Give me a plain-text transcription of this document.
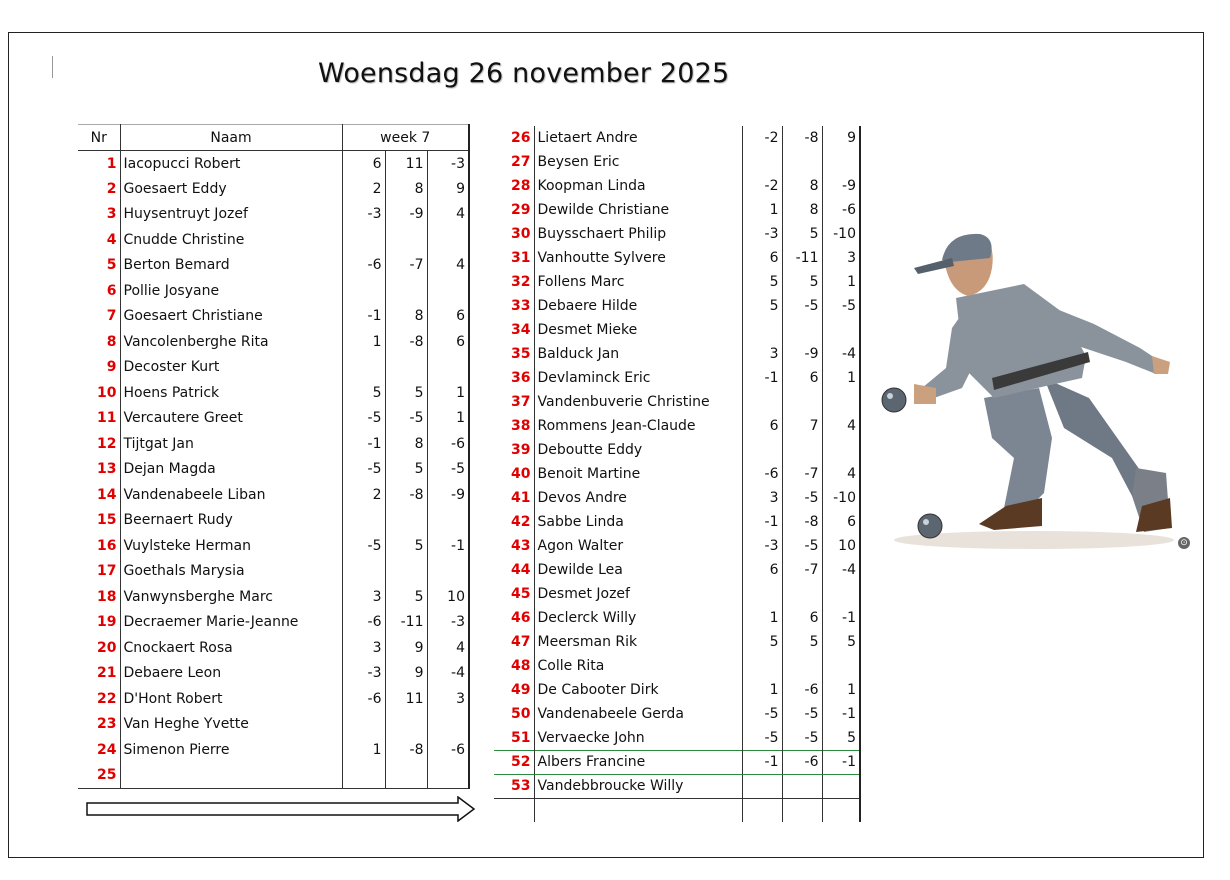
Woensdag 26 november 2025
Nr	Naam	week 7		
1	Iacopucci Robert	6	11	-3
2	Goesaert Eddy	2	8	9
3	Huysentruyt Jozef	-3	-9	4
4	Cnudde Christine			
5	Berton Bemard	-6	-7	4
6	Pollie Josyane			
7	Goesaert Christiane	-1	8	6
8	Vancolenberghe Rita	1	-8	6
9	Decoster Kurt			
10	Hoens Patrick	5	5	1
11	Vercautere Greet	-5	-5	1
12	Tijtgat Jan	-1	8	-6
13	Dejan Magda	-5	5	-5
14	Vandenabeele Liban	2	-8	-9
15	Beernaert Rudy			
16	Vuylsteke Herman	-5	5	-1
17	Goethals Marysia			
18	Vanwynsberghe Marc	3	5	10
19	Decraemer Marie-Jeanne	-6	-11	-3
20	Cnockaert Rosa	3	9	4
21	Debaere Leon	-3	9	-4
22	D'Hont Robert	-6	11	3
23	Van Heghe Yvette			
24	Simenon Pierre	1	-8	-6
25				
26	Lietaert Andre	-2	-8	9
27	Beysen Eric			
28	Koopman Linda	-2	8	-9
29	Dewilde Christiane	1	8	-6
30	Buysschaert Philip	-3	5	-10
31	Vanhoutte Sylvere	6	-11	3
32	Follens Marc	5	5	1
33	Debaere Hilde	5	-5	-5
34	Desmet Mieke			
35	Balduck Jan	3	-9	-4
36	Devlaminck Eric	-1	6	1
37	Vandenbuverie Christine			
38	Rommens Jean-Claude	6	7	4
39	Deboutte Eddy			
40	Benoit Martine	-6	-7	4
41	Devos Andre	3	-5	-10
42	Sabbe Linda	-1	-8	6
43	Agon Walter	-3	-5	10
44	Dewilde Lea	6	-7	-4
45	Desmet Jozef			
46	Declerck Willy	1	6	-1
47	Meersman Rik	5	5	5
48	Colle Rita			
49	De Cabooter Dirk	1	-6	1
50	Vandenabeele Gerda	-5	-5	-1
51	Vervaecke John	-5	-5	5
52	Albers Francine	-1	-6	-1
53	Vandebbroucke Willy			

⊙
